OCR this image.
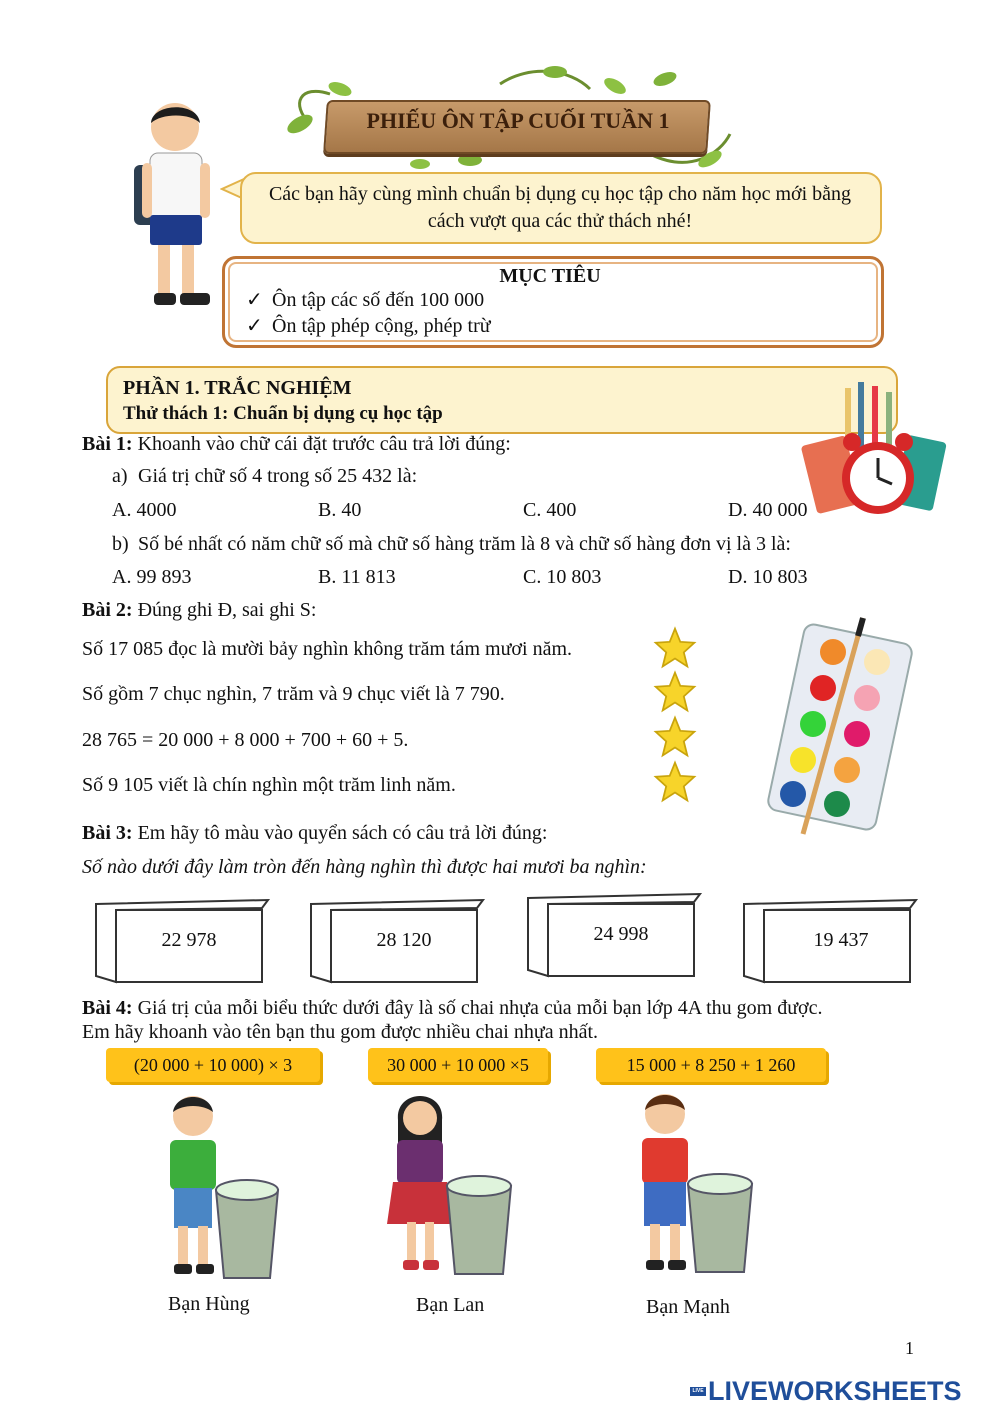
PHIẾU ÔN TẬP CUỐI TUẦN 1
Các bạn hãy cùng mình chuẩn bị dụng cụ học tập cho năm học mới bằng cách vượt qua các thử thách nhé!
MỤC TIÊU
✓ Ôn tập các số đến 100 000
✓ Ôn tập phép cộng, phép trừ
PHẦN 1. TRẮC NGHIỆM
Thử thách 1: Chuẩn bị dụng cụ học tập
Bài 1: Khoanh vào chữ cái đặt trước câu trả lời đúng:
a) Giá trị chữ số 4 trong số 25 432 là:
A. 4000	B. 40	C. 400	D. 40 000
b) Số bé nhất có năm chữ số mà chữ số hàng trăm là 8 và chữ số hàng đơn vị là 3 là:
A. 99 893	B. 11 813	C. 10 803	D. 10 803
Bài 2: Đúng ghi Đ, sai ghi S:
Số 17 085 đọc là mười bảy nghìn không trăm tám mươi năm.
Số gồm 7 chục nghìn, 7 trăm và 9 chục viết là 7 790.
28 765 = 20 000 + 8 000 + 700 + 60 + 5.
Số 9 105 viết là chín nghìn một trăm linh năm.
Bài 3: Em hãy tô màu vào quyển sách có câu trả lời đúng:
Số nào dưới đây làm tròn đến hàng nghìn thì được hai mươi ba nghìn:
22 978	28 120	24 998	19 437
Bài 4: Giá trị của mỗi biểu thức dưới đây là số chai nhựa của mỗi bạn lớp 4A thu gom được.
Em hãy khoanh vào tên bạn thu gom được nhiều chai nhựa nhất.
(20 000 + 10 000) × 3	30 000 + 10 000 ×5	15 000 + 8 250 + 1 260
Bạn Hùng	Bạn Lan	Bạn Mạnh
1
LIVE LIVEWORKSHEETS
